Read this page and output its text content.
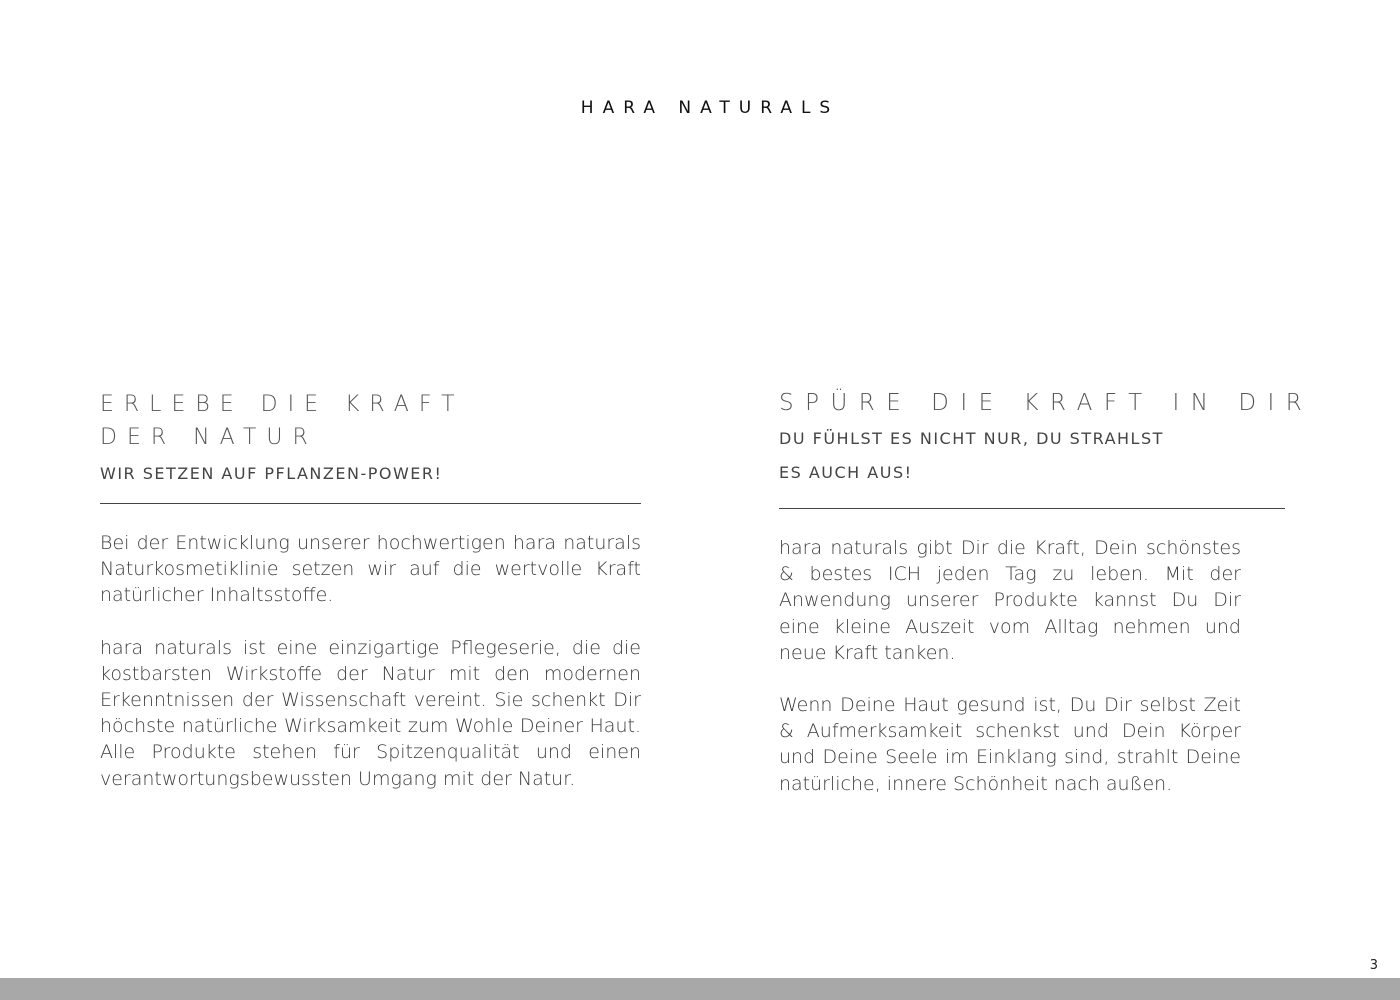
HARA NATURALS
ERLEBE DIE KRAFT
DER NATUR
WIR SETZEN AUF PFLANZEN-POWER!

Bei der Entwicklung unserer hochwertigen hara naturals Naturkosmetiklinie setzen wir auf die wertvolle Kraft natürlicher Inhaltsstoffe.

hara naturals ist eine einzigartige Pflegeserie, die die kostbarsten Wirkstoffe der Natur mit den modernen Erkenntnissen der Wissenschaft vereint. Sie schenkt Dir höchste natürliche Wirksamkeit zum Wohle Deiner Haut. Alle Produkte stehen für Spitzenqualität und einen verantwortungsbewussten Umgang mit der Natur.

SPÜRE DIE KRAFT IN DIR
DU FÜHLST ES NICHT NUR, DU STRAHLST
ES AUCH AUS!

hara naturals gibt Dir die Kraft, Dein schönstes & bestes ICH jeden Tag zu leben. Mit der Anwendung unserer Produkte kannst Du Dir eine kleine Auszeit vom Alltag nehmen und neue Kraft tanken.

Wenn Deine Haut gesund ist, Du Dir selbst Zeit & Aufmerksamkeit schenkst und Dein Körper und Deine Seele im Einklang sind, strahlt Deine natürliche, innere Schönheit nach außen.

3
